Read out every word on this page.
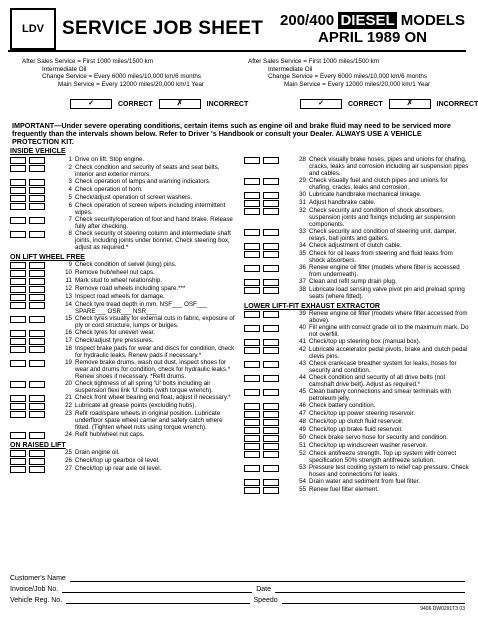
LDV SERVICE JOB SHEET 200/400 DIESEL MODELS
APRIL 1989 ON
After Sales Service = First 1000 miles/1500 km
Intermediate Oil
Change Service = Every 6000 miles/10,000 km/6 months
Main Service = Every 12000 miles/20,000 km/1 Year
After Sales Service = First 1000 miles/1500 km
Intermediate Oil
Change Service = Every 6000 miles/10,000 km/6 months
Main Service = Every 12000 miles/20,000 km/1 Year
✓	CORRECT	✗	INCORRECT	✓	CORRECT	✗	INCORRECT
IMPORTANT—Under severe operating conditions, certain items such as engine oil and brake fluid may need to be serviced more frequently than the intervals shown below. Refer to Driver 's Handbook or consult your Dealer. ALWAYS USE A VEHICLE PROTECTION KIT.
INSIDE VEHICLE
1 Drive on lift. Stop engine.
2 Check condition and security of seats and seat belts, interior and exterior mirrors.
3 Check operation of lamps and warning indicators.
4 Check operation of horn.
5 Check/adjust operation of screen washers.
6 Check operation of screen wipers including intermittent wipes.
7 Check security/operation of foot and hand brake. Release fully after checking.
8 Check security of steering column and intermediate shaft joints, including joints under bonnet. Check steering box, adjust as required.*
ON LIFT WHEEL FREE
9 Check condition of swivel (king) pins.
10 Remove hub/wheel nut caps.
11 Mark stud to wheel relationship.
12 Remove road wheels including spare.***
13 Inspect road wheels for damage.
14 Check tyre tread depth in mm. NSF___ OSF___ SPARE___ OSR___ NSR___
15 Check tyres visually for external cuts in fabric, exposure of ply or cord structure, lumps or bulges.
16 Check tyres for uneven wear.
17 Check/adjust tyre pressures.
18 Inspect brake pads for wear and discs for condition, check for hydraulic leaks. Renew pads if necessary.*
19 Remove brake drums, wash out dust, inspect shoes for wear and drums for condition, check for hydraulic leaks.* Renew shoes if necessary. *Refit drums.
20 Check tightness of all spring 'U' bolts including air suspension flexi link 'U' bolts (with torque wrench).
21 Check front wheel bearing end float, adjust if necessary.*
22 Lubricate all grease points (excluding hubs).
23 Refit road/spare wheels in original position. Lubricate underfloor spare wheel carrier and safety catch where fitted. (Tighten wheel nuts using torque wrench).
24 Refit hub/wheel nut caps.
ON RAISED LIFT
25 Drain engine oil.
26 Check/top up gearbox oil level.
27 Check/top up rear axle oil level.
28 Check visually brake hoses, pipes and unions for chafing, cracks, leaks and corrosion including air suspension pipes and cables.
29 Check visually fuel and clutch pipes and unions for chafing, cracks, leaks and corrosion.
30 Lubricate handbrake mechanical linkage.
31 Adjust handbrake cable.
32 Check security and condition of shock absorbers, suspension joints and fixings including air suspension components.
33 Check security and condition of steering unit, damper, relays, ball joints and gaiters.
34 Check adjustment of clutch cable.
35 Check for oil leaks from steering and fluid leaks from shock absorbers.
36 Renew engine oil filter (models where filter is accessed from underneath).
37 Clean and refit sump drain plug.
38 Lubricate load sensing valve pivot pin and preload spring seats (where fitted).
LOWER LIFT-FIT EXHAUST EXTRACTOR
39 Renew engine oil filter (models where filter accessed from above).
40 Fill engine with correct grade oil to the maximum mark. Do not overfill.
41 Check/top up steering box (manual box).
42 Lubricate accelerator pedal pivots, brake and clutch pedal clevis pins.
43 Check crankcase breather system for leaks, hoses for security and condition.
44 Check condition and security of all drive belts (not camshaft drive belt). Adjust as required.*
45 Clean battery connections and smear terminals with petroleum jelly.
46 Check battery condition.
47 Check/top up power steering reservoir.
48 Check/top up clutch fluid reservoir.
49 Check/top up brake fluid reservoir.
50 Check brake servo hose for security and condition.
51 Check/top up windscreen washer reservoir.
52 Check antifreeze strength. Top up system with correct specification 50% strength antifreeze solution.
53 Pressure test cooling system to relief cap pressure. Check hoses and connections for leaks.
54 Drain water and sediment from fuel filter.
55 Renew fuel filter element.
Customer's Name
Invoice/Job No.	Date
Vehicle Reg. No.	Speedo
9406 DW0291T3 03
